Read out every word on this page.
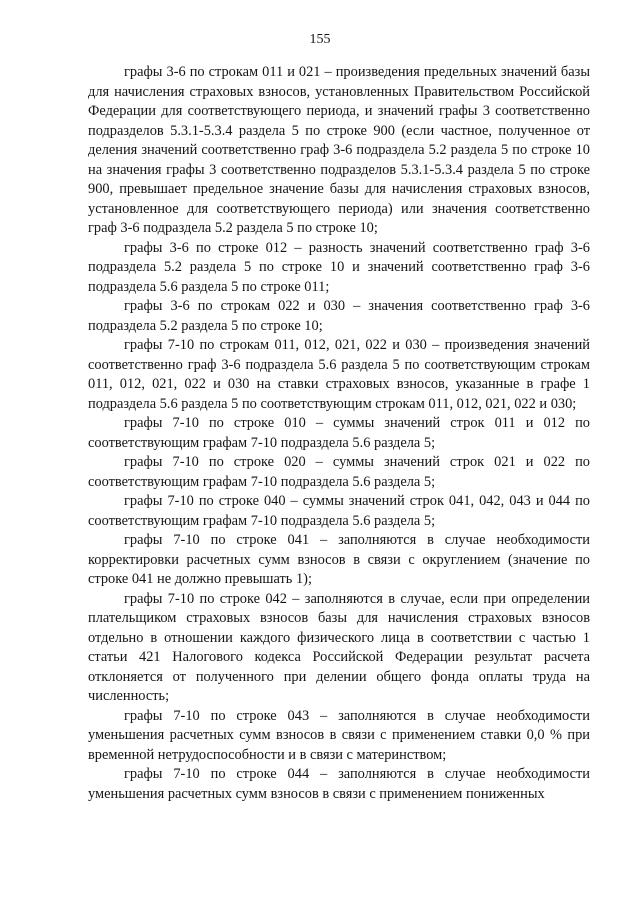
155

графы 3-6 по строкам 011 и 021 – произведения предельных значений базы для начисления страховых взносов, установленных Правительством Российской Федерации для соответствующего периода, и значений графы 3 соответственно подразделов 5.3.1-5.3.4 раздела 5 по строке 900 (если частное, полученное от деления значений соответственно граф 3-6 подраздела 5.2 раздела 5 по строке 10 на значения графы 3 соответственно подразделов 5.3.1-5.3.4 раздела 5 по строке 900, превышает предельное значение базы для начисления страховых взносов, установленное для соответствующего периода) или значения соответственно граф 3-6 подраздела 5.2 раздела 5 по строке 10;

графы 3-6 по строке 012 – разность значений соответственно граф 3-6 подраздела 5.2 раздела 5 по строке 10 и значений соответственно граф 3-6 подраздела 5.6 раздела 5 по строке 011;

графы 3-6 по строкам 022 и 030 – значения соответственно граф 3-6 подраздела 5.2 раздела 5 по строке 10;

графы 7-10 по строкам 011, 012, 021, 022 и 030 – произведения значений соответственно граф 3-6 подраздела 5.6 раздела 5 по соответствующим строкам 011, 012, 021, 022 и 030 на ставки страховых взносов, указанные в графе 1 подраздела 5.6 раздела 5 по соответствующим строкам 011, 012, 021, 022 и 030;

графы 7-10 по строке 010 – суммы значений строк 011 и 012 по соответствующим графам 7-10 подраздела 5.6 раздела 5;

графы 7-10 по строке 020 – суммы значений строк 021 и 022 по соответствующим графам 7-10 подраздела 5.6 раздела 5;

графы 7-10 по строке 040 – суммы значений строк 041, 042, 043 и 044 по соответствующим графам 7-10 подраздела 5.6 раздела 5;

графы 7-10 по строке 041 – заполняются в случае необходимости корректировки расчетных сумм взносов в связи с округлением (значение по строке 041 не должно превышать 1);

графы 7-10 по строке 042 – заполняются в случае, если при определении плательщиком страховых взносов базы для начисления страховых взносов отдельно в отношении каждого физического лица в соответствии с частью 1 статьи 421 Налогового кодекса Российской Федерации результат расчета отклоняется от полученного при делении общего фонда оплаты труда на численность;

графы 7-10 по строке 043 – заполняются в случае необходимости уменьшения расчетных сумм взносов в связи с применением ставки 0,0 % при временной нетрудоспособности и в связи с материнством;

графы 7-10 по строке 044 – заполняются в случае необходимости уменьшения расчетных сумм взносов в связи с применением пониженных
